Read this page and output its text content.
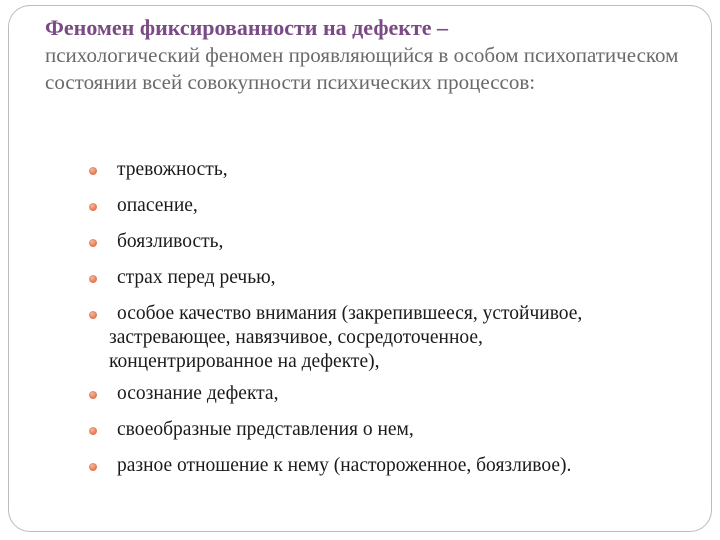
Феномен фиксированности на дефекте –
психологический феномен проявляющийся в особом психопатическом состоянии всей совокупности психических процессов:
тревожность,
опасение,
боязливость,
страх перед речью,
особое качество внимания (закрепившееся, устойчивое,
застревающее, навязчивое, сосредоточенное,
концентрированное на дефекте),
осознание дефекта,
своеобразные представления о нем,
разное отношение к нему (настороженное, боязливое).
